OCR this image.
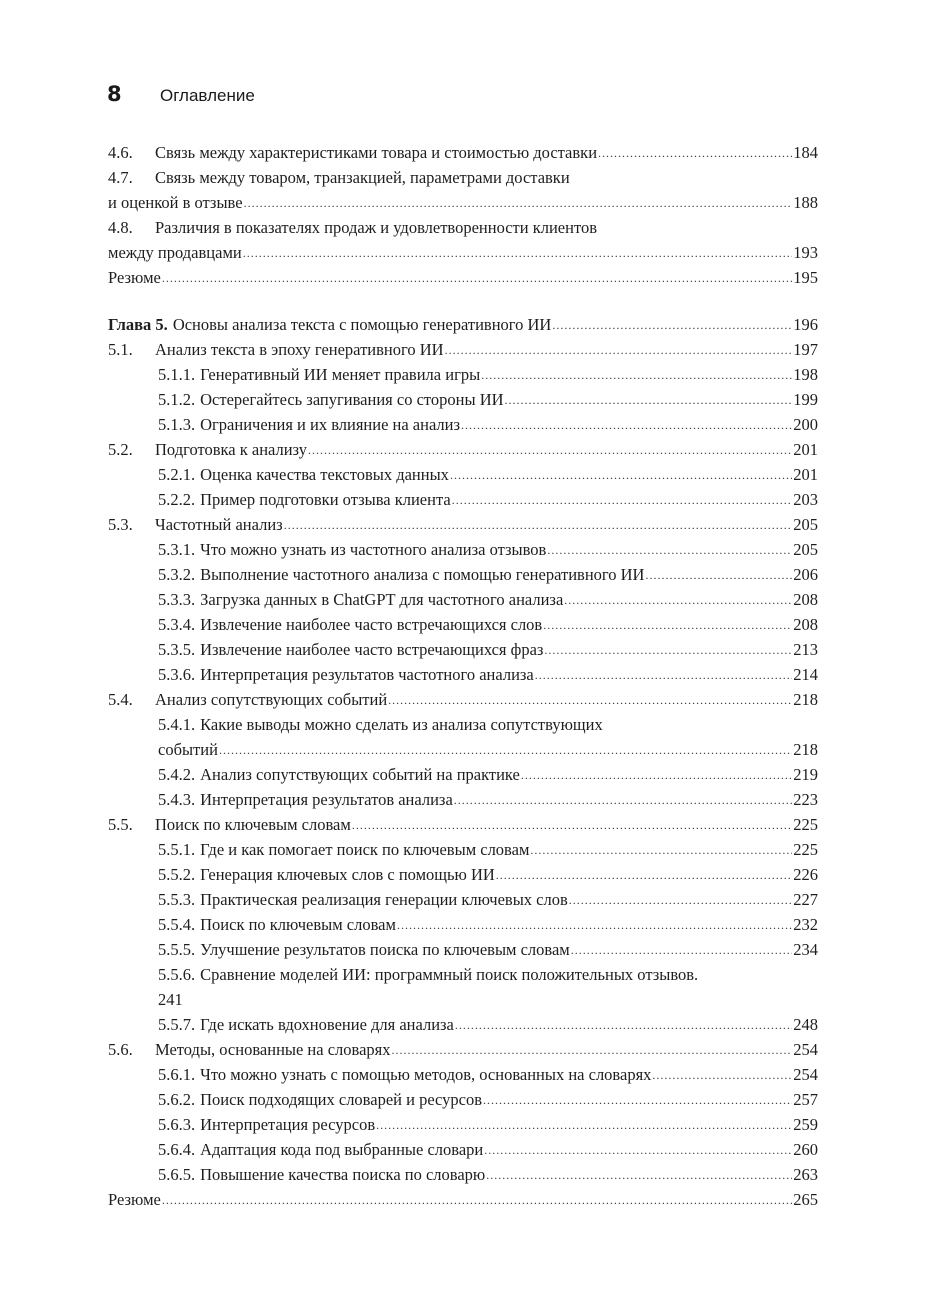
8 Оглавление
4.6.	Связь между характеристиками товара и стоимостью доставки .....	184
4.7.	Связь между товаром, транзакцией, параметрами доставки
и оценкой в отзыве .....	188
4.8.	Различия в показателях продаж и удовлетворенности клиентов
между продавцами .....	193
Резюме .....	195
Глава 5. Основы анализа текста с помощью генеративного ИИ .....	196
5.1.	Анализ текста в эпоху генеративного ИИ .....	197
5.1.1. Генеративный ИИ меняет правила игры .....	198
5.1.2. Остерегайтесь запугивания со стороны ИИ .....	199
5.1.3. Ограничения и их влияние на анализ .....	200
5.2.	Подготовка к анализу .....	201
5.2.1. Оценка качества текстовых данных .....	201
5.2.2. Пример подготовки отзыва клиента .....	203
5.3.	Частотный анализ .....	205
5.3.1. Что можно узнать из частотного анализа отзывов .....	205
5.3.2. Выполнение частотного анализа с помощью генеративного ИИ .....	206
5.3.3. Загрузка данных в ChatGPT для частотного анализа .....	208
5.3.4. Извлечение наиболее часто встречающихся слов .....	208
5.3.5. Извлечение наиболее часто встречающихся фраз .....	213
5.3.6. Интерпретация результатов частотного анализа .....	214
5.4.	Анализ сопутствующих событий .....	218
5.4.1. Какие выводы можно сделать из анализа сопутствующих
событий .....	218
5.4.2. Анализ сопутствующих событий на практике .....	219
5.4.3. Интерпретация результатов анализа .....	223
5.5.	Поиск по ключевым словам .....	225
5.5.1. Где и как помогает поиск по ключевым словам .....	225
5.5.2. Генерация ключевых слов с помощью ИИ .....	226
5.5.3. Практическая реализация генерации ключевых слов .....	227
5.5.4. Поиск по ключевым словам .....	232
5.5.5. Улучшение результатов поиска по ключевым словам .....	234
5.5.6. Сравнение моделей ИИ: программный поиск положительных отзывов.
241
5.5.7. Где искать вдохновение для анализа .....	248
5.6.	Методы, основанные на словарях .....	254
5.6.1. Что можно узнать с помощью методов, основанных на словарях .....	254
5.6.2. Поиск подходящих словарей и ресурсов .....	257
5.6.3. Интерпретация ресурсов .....	259
5.6.4. Адаптация кода под выбранные словари .....	260
5.6.5. Повышение качества поиска по словарю .....	263
Резюме .....	265
